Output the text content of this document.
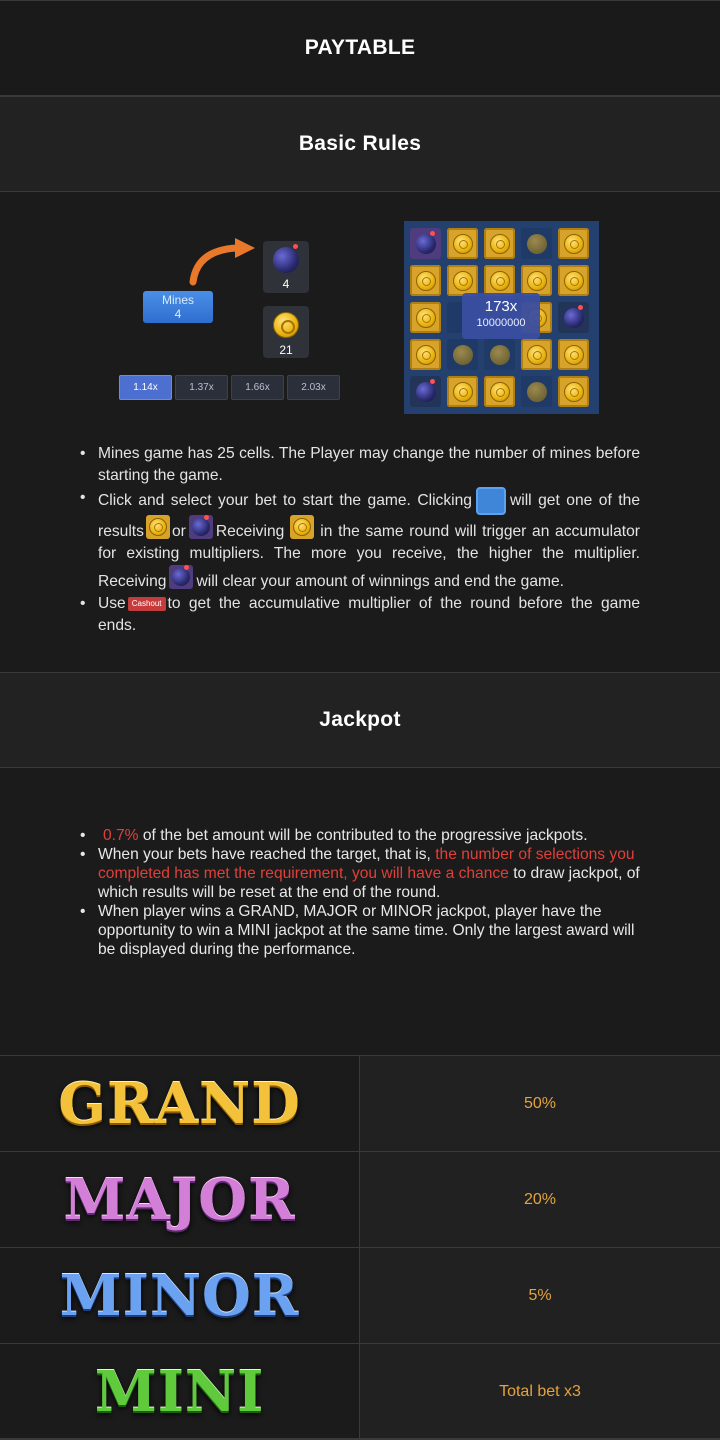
PAYTABLE
Basic Rules
Mines
4
4
21
1.14x	1.37x	1.66x	2.03x
173x
10000000
• Mines game has 25 cells. The Player may change the number of mines before starting the game.
• Click and select your bet to start the game. Clicking will get one of the results or Receiving in the same round will trigger an accumulator for existing multipliers. The more you receive, the higher the multiplier. Receiving will clear your amount of winnings and end the game.
• Use Cashout to get the accumulative multiplier of the round before the game ends.
Jackpot
• 0.7% of the bet amount will be contributed to the progressive jackpots.
• When your bets have reached the target, that is, the number of selections you completed has met the requirement, you will have a chance to draw jackpot, of which results will be reset at the end of the round.
• When player wins a GRAND, MAJOR or MINOR jackpot, player have the opportunity to win a MINI jackpot at the same time. Only the largest award will be displayed during the performance.
GRAND	50%
MAJOR	20%
MINOR	5%
MINI	Total bet x3
